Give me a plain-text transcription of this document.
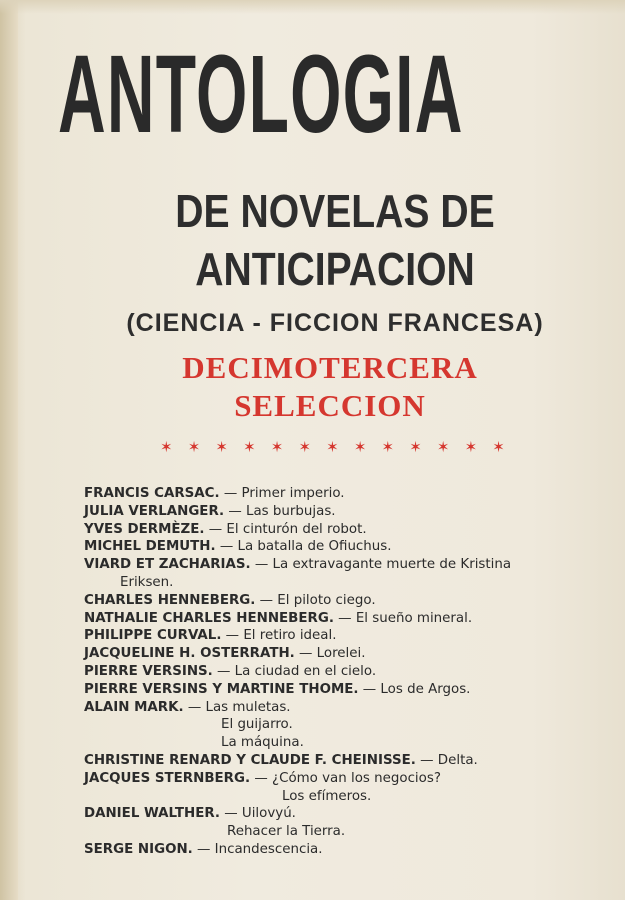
ANTOLOGIA
DE NOVELAS DE
ANTICIPACION
(CIENCIA - FICCION FRANCESA)
DECIMOTERCERA
SELECCION
✶ ✶ ✶ ✶ ✶ ✶ ✶ ✶ ✶ ✶ ✶ ✶ ✶
FRANCIS CARSAC. — Primer imperio.
JULIA VERLANGER. — Las burbujas.
YVES DERMÈZE. — El cinturón del robot.
MICHEL DEMUTH. — La batalla de Ofiuchus.
VIARD ET ZACHARIAS. — La extravagante muerte de Kristina
Eriksen.
CHARLES HENNEBERG. — El piloto ciego.
NATHALIE CHARLES HENNEBERG. — El sueño mineral.
PHILIPPE CURVAL. — El retiro ideal.
JACQUELINE H. OSTERRATH. — Lorelei.
PIERRE VERSINS. — La ciudad en el cielo.
PIERRE VERSINS Y MARTINE THOME. — Los de Argos.
ALAIN MARK. — Las muletas.
El guijarro.
La máquina.
CHRISTINE RENARD Y CLAUDE F. CHEINISSE. — Delta.
JACQUES STERNBERG. — ¿Cómo van los negocios?
Los efímeros.
DANIEL WALTHER. — Uilovyú.
Rehacer la Tierra.
SERGE NIGON. — Incandescencia.
